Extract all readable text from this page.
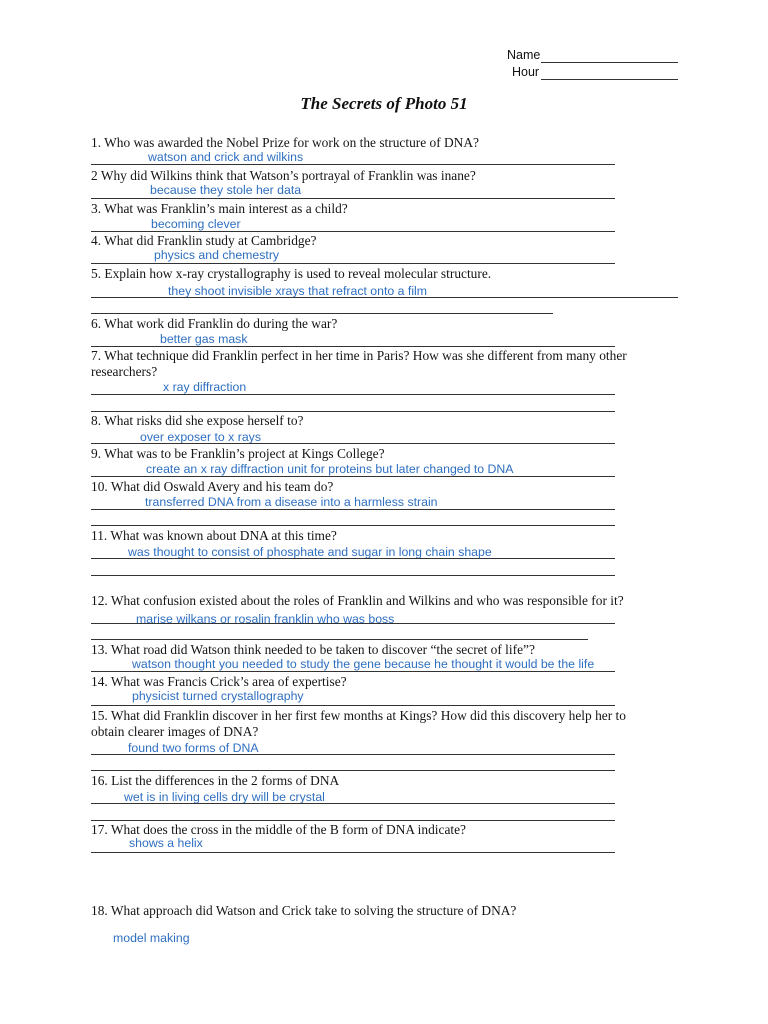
Name
Hour
The Secrets of Photo 51
1. Who was awarded the Nobel Prize for work on the structure of DNA?
watson and crick and wilkins
2 Why did Wilkins think that Watson’s portrayal of Franklin was inane?
because they stole her data
3. What was Franklin’s main interest as a child?
becoming clever
4. What did Franklin study at Cambridge?
physics and chemestry
5. Explain how x-ray crystallography is used to reveal molecular structure.
they shoot invisible xrays that refract onto a film
6. What work did Franklin do during the war?
better gas mask
7. What technique did Franklin perfect in her time in Paris? How was she different from many other
researchers?
x ray diffraction
8. What risks did she expose herself to?
over exposer to x rays
9. What was to be Franklin’s project at Kings College?
create an x ray diffraction unit for proteins but later changed to DNA
10. What did Oswald Avery and his team do?
transferred DNA from a disease into a harmless strain
11. What was known about DNA at this time?
was thought to consist of phosphate and sugar in long chain shape
12. What confusion existed about the roles of Franklin and Wilkins and who was responsible for it?
marise wilkans or rosalin franklin who was boss
13. What road did Watson think needed to be taken to discover “the secret of life”?
watson thought you needed to study the gene because he thought it would be the life
14. What was Francis Crick’s area of expertise?
physicist turned crystallography
15. What did Franklin discover in her first few months at Kings? How did this discovery help her to
obtain clearer images of DNA?
found two forms of DNA
16. List the differences in the 2 forms of DNA
wet is in living cells dry will be crystal
17. What does the cross in the middle of the B form of DNA indicate?
shows a helix
18. What approach did Watson and Crick take to solving the structure of DNA?
model making
